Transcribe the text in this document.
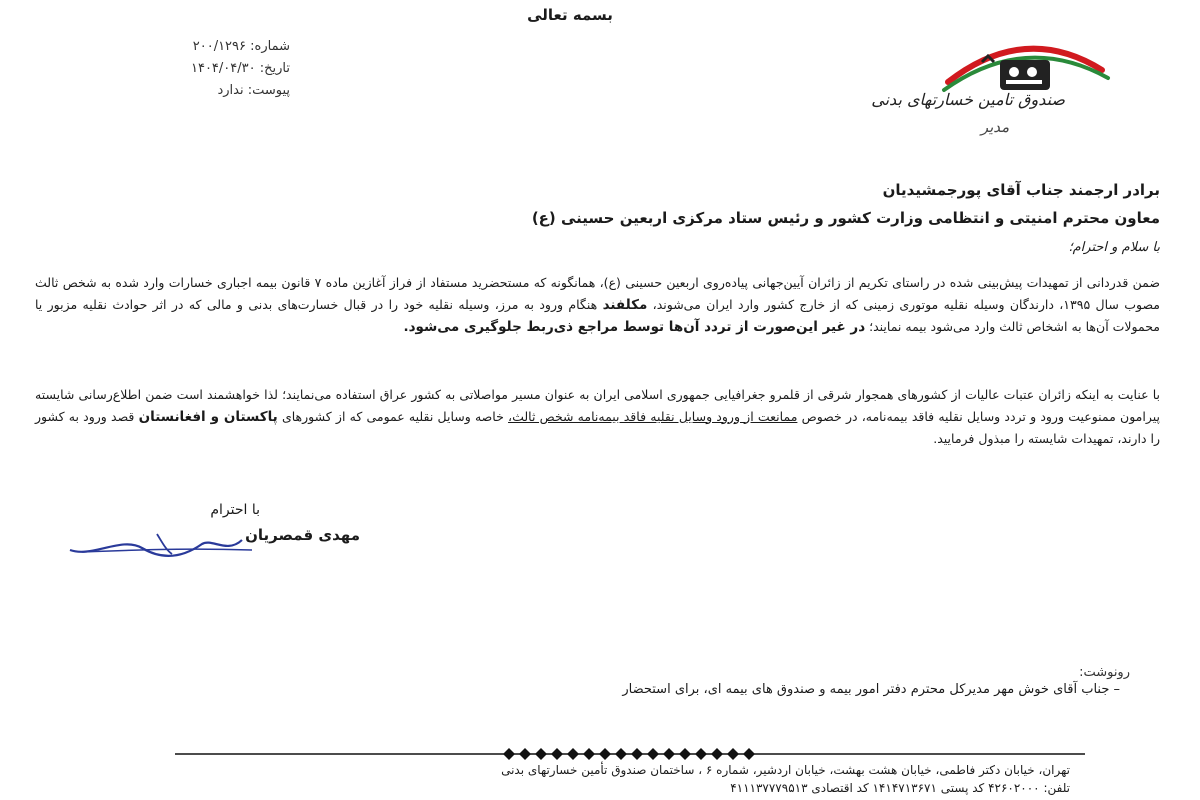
بسمه تعالی
شماره: ۲۰۰/۱۲۹۶
تاریخ: ۱۴۰۴/۰۴/۳۰
پیوست: ندارد	صندوق تامین خسارتهای بدنی
مدیر
برادر ارجمند جناب آقای پورجمشیدیان
معاون محترم امنیتی و انتظامی وزارت کشور و رئیس ستاد مرکزی اربعین حسینی (ع)
با سلام و احترام؛
ضمن قدردانی از تمهیدات پیش‌بینی شده در راستای تکریم از زائران آیین‌جهانی پیاده‌روی اربعین حسینی (ع)، همانگونه که مستحضرید مستفاد از فراز آغازین ماده ۷ قانون بیمه اجباری خسارات وارد شده به شخص ثالث مصوب سال ۱۳۹۵، دارندگان وسیله نقلیه موتوری زمینی که از خارج کشور وارد ایران می‌شوند، مکلفند هنگام ورود به مرز، وسیله نقلیه خود را در قبال خسارت‌های بدنی و مالی که در اثر حوادث نقلیه مزبور یا محمولات آن‌ها به اشخاص ثالث وارد می‌شود بیمه نمایند؛ در غیر این‌صورت از تردد آن‌ها توسط مراجع ذی‌ربط جلوگیری می‌شود.
با عنایت به اینکه زائران عتبات عالیات از کشورهای همجوار شرقی از قلمرو جغرافیایی جمهوری اسلامی ایران به عنوان مسیر مواصلاتی به کشور عراق استفاده می‌نمایند؛ لذا خواهشمند است ضمن اطلاع‌رسانی شایسته پیرامون ممنوعیت ورود و تردد وسایل نقلیه فاقد بیمه‌نامه، در خصوص ممانعت از ورود وسایل نقلیه فاقد بیمه‌نامه شخص ثالث، خاصه وسایل نقلیه عمومی که از کشورهای پاکستان و افغانستان قصد ورود به کشور را دارند، تمهیدات شایسته را مبذول فرمایید.
با احترام
مهدی قمصریان
رونوشت:
– جناب آقای خوش مهر مدیرکل محترم دفتر امور بیمه و صندوق های بیمه ای، برای استحضار
تهران، خیابان دکتر فاطمی، خیابان هشت بهشت، خیابان اردشیر، شماره ۶ ، ساختمان صندوق تأمین خسارتهای بدنی
تلفن: ۴۲۶۰۲۰۰۰ کد پستی ۱۴۱۴۷۱۳۶۷۱ کد اقتصادی ۴۱۱۱۳۷۷۷۹۵۱۳
